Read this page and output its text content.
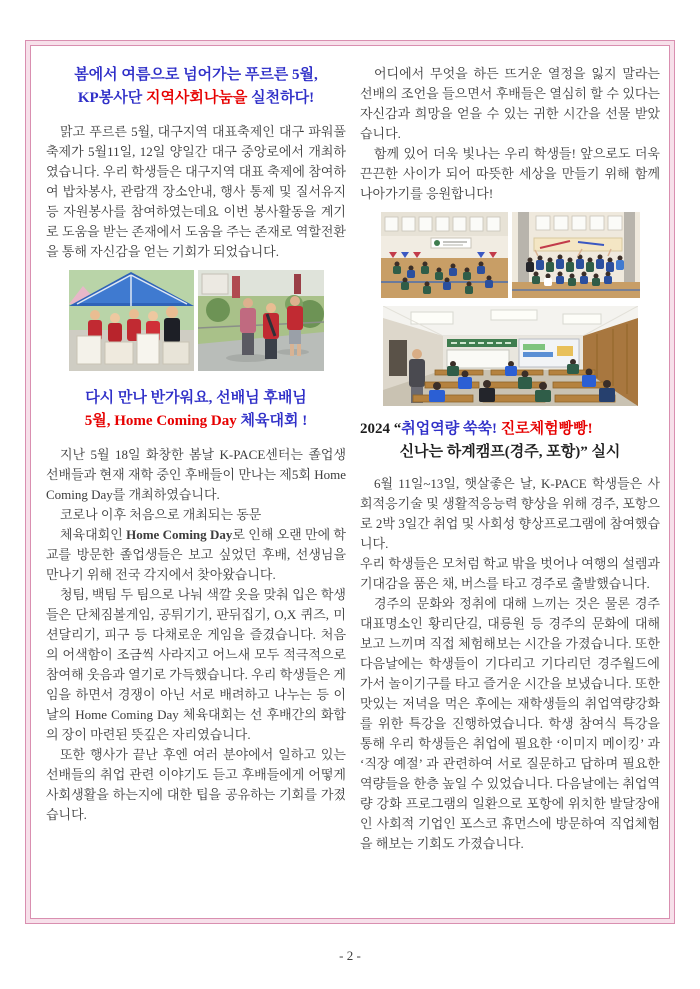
봄에서 여름으로 넘어가는 푸르른 5월,
KP봉사단 지역사회나눔을 실천하다!

맑고 푸르른 5월, 대구지역 대표축제인 대구 파워풀 축제가 5월11일, 12일 양일간 대구 중앙로에서 개최하였습니다. 우리 학생들은 대구지역 대표 축제에 참여하여 밥차봉사, 관람객 장소안내, 행사 통제 및 질서유지 등 자원봉사를 참여하였는데요 이번 봉사활동을 계기로 도움을 받는 존재에서 도움을 주는 존재로 역할전환을 통해 자신감을 얻는 기회가 되었습니다.

다시 만나 반가워요, 선배님 후배님
5월, Home Coming Day 체육대회 !

지난 5월 18일 화창한 봄날 K-PACE센터는 졸업생 선배들과 현재 재학 중인 후배들이 만나는 제5회 Home Coming Day를 개최하였습니다.

코로나 이후 처음으로 개최되는 동문

체육대회인 Home Coming Day로 인해 오랜 만에 학교를 방문한 졸업생들은 보고 싶었던 후배, 선생님을 만나기 위해 전국 각지에서 찾아왔습니다.

청팀, 백팀 두 팀으로 나눠 색깔 옷을 맞춰 입은 학생들은 단체짐볼게임, 공튀기기, 판뒤집기, O,X 퀴즈, 미션달리기, 피구 등 다채로운 게임을 즐겼습니다. 처음의 어색함이 조금씩 사라지고 어느새 모두 적극적으로 참여해 웃음과 열기로 가득했습니다. 우리 학생들은 게임을 하면서 경쟁이 아닌 서로 배려하고 나누는 등 이날의 Home Coming Day 체육대회는 선 후배간의 화합의 장이 마련된 뜻깊은 자리였습니다.

또한 행사가 끝난 후엔 여러 분야에서 일하고 있는 선배들의 취업 관련 이야기도 듣고 후배들에게 어떻게 사회생활을 하는지에 대한 팁을 공유하는 기회를 가졌습니다.

어디에서 무엇을 하든 뜨거운 열정을 잃지 말라는 선배의 조언을 들으면서 후배들은 열심히 할 수 있다는 자신감과 희망을 얻을 수 있는 귀한 시간을 선물 받았습니다.

함께 있어 더욱 빛나는 우리 학생들! 앞으로도 더욱 끈끈한 사이가 되어 따뜻한 세상을 만들기 위해 함께 나아가기를 응원합니다!

2024 “취업역량 쑥쑥! 진로체험빵빵!
신나는 하계캠프(경주, 포항)” 실시

6월 11일~13일, 햇살좋은 날, K-PACE 학생들은 사회적응기술 및 생활적응능력 향상을 위해 경주, 포항으로 2박 3일간 취업 및 사회성 향상프로그램에 참여했습니다.

우리 학생들은 모처럼 학교 밖을 벗어나 여행의 설렘과 기대감을 품은 채, 버스를 타고 경주로 출발했습니다.

경주의 문화와 정취에 대해 느끼는 것은 물론 경주 대표명소인 황리단길, 대릉원 등 경주의 문화에 대해 보고 느끼며 직접 체험해보는 시간을 가졌습니다. 또한 다음날에는 학생들이 기다리고 기다리던 경주월드에 가서 놀이기구를 타고 즐거운 시간을 보냈습니다. 또한 맛있는 저녁을 먹은 후에는 재학생들의 취업역량강화를 위한 특강을 진행하였습니다. 학생 참여식 특강을 통해 우리 학생들은 취업에 필요한 ‘이미지 메이킹’ 과 ‘직장 예절’ 과 관련하여 서로 질문하고 답하며 필요한 역량들을 한층 높일 수 있었습니다. 다음날에는 취업역량 강화 프로그램의 일환으로 포항에 위치한 발달장애인 사회적 기업인 포스코 휴먼스에 방문하여 직업체험을 해보는 기회도 가졌습니다.

- 2 -
